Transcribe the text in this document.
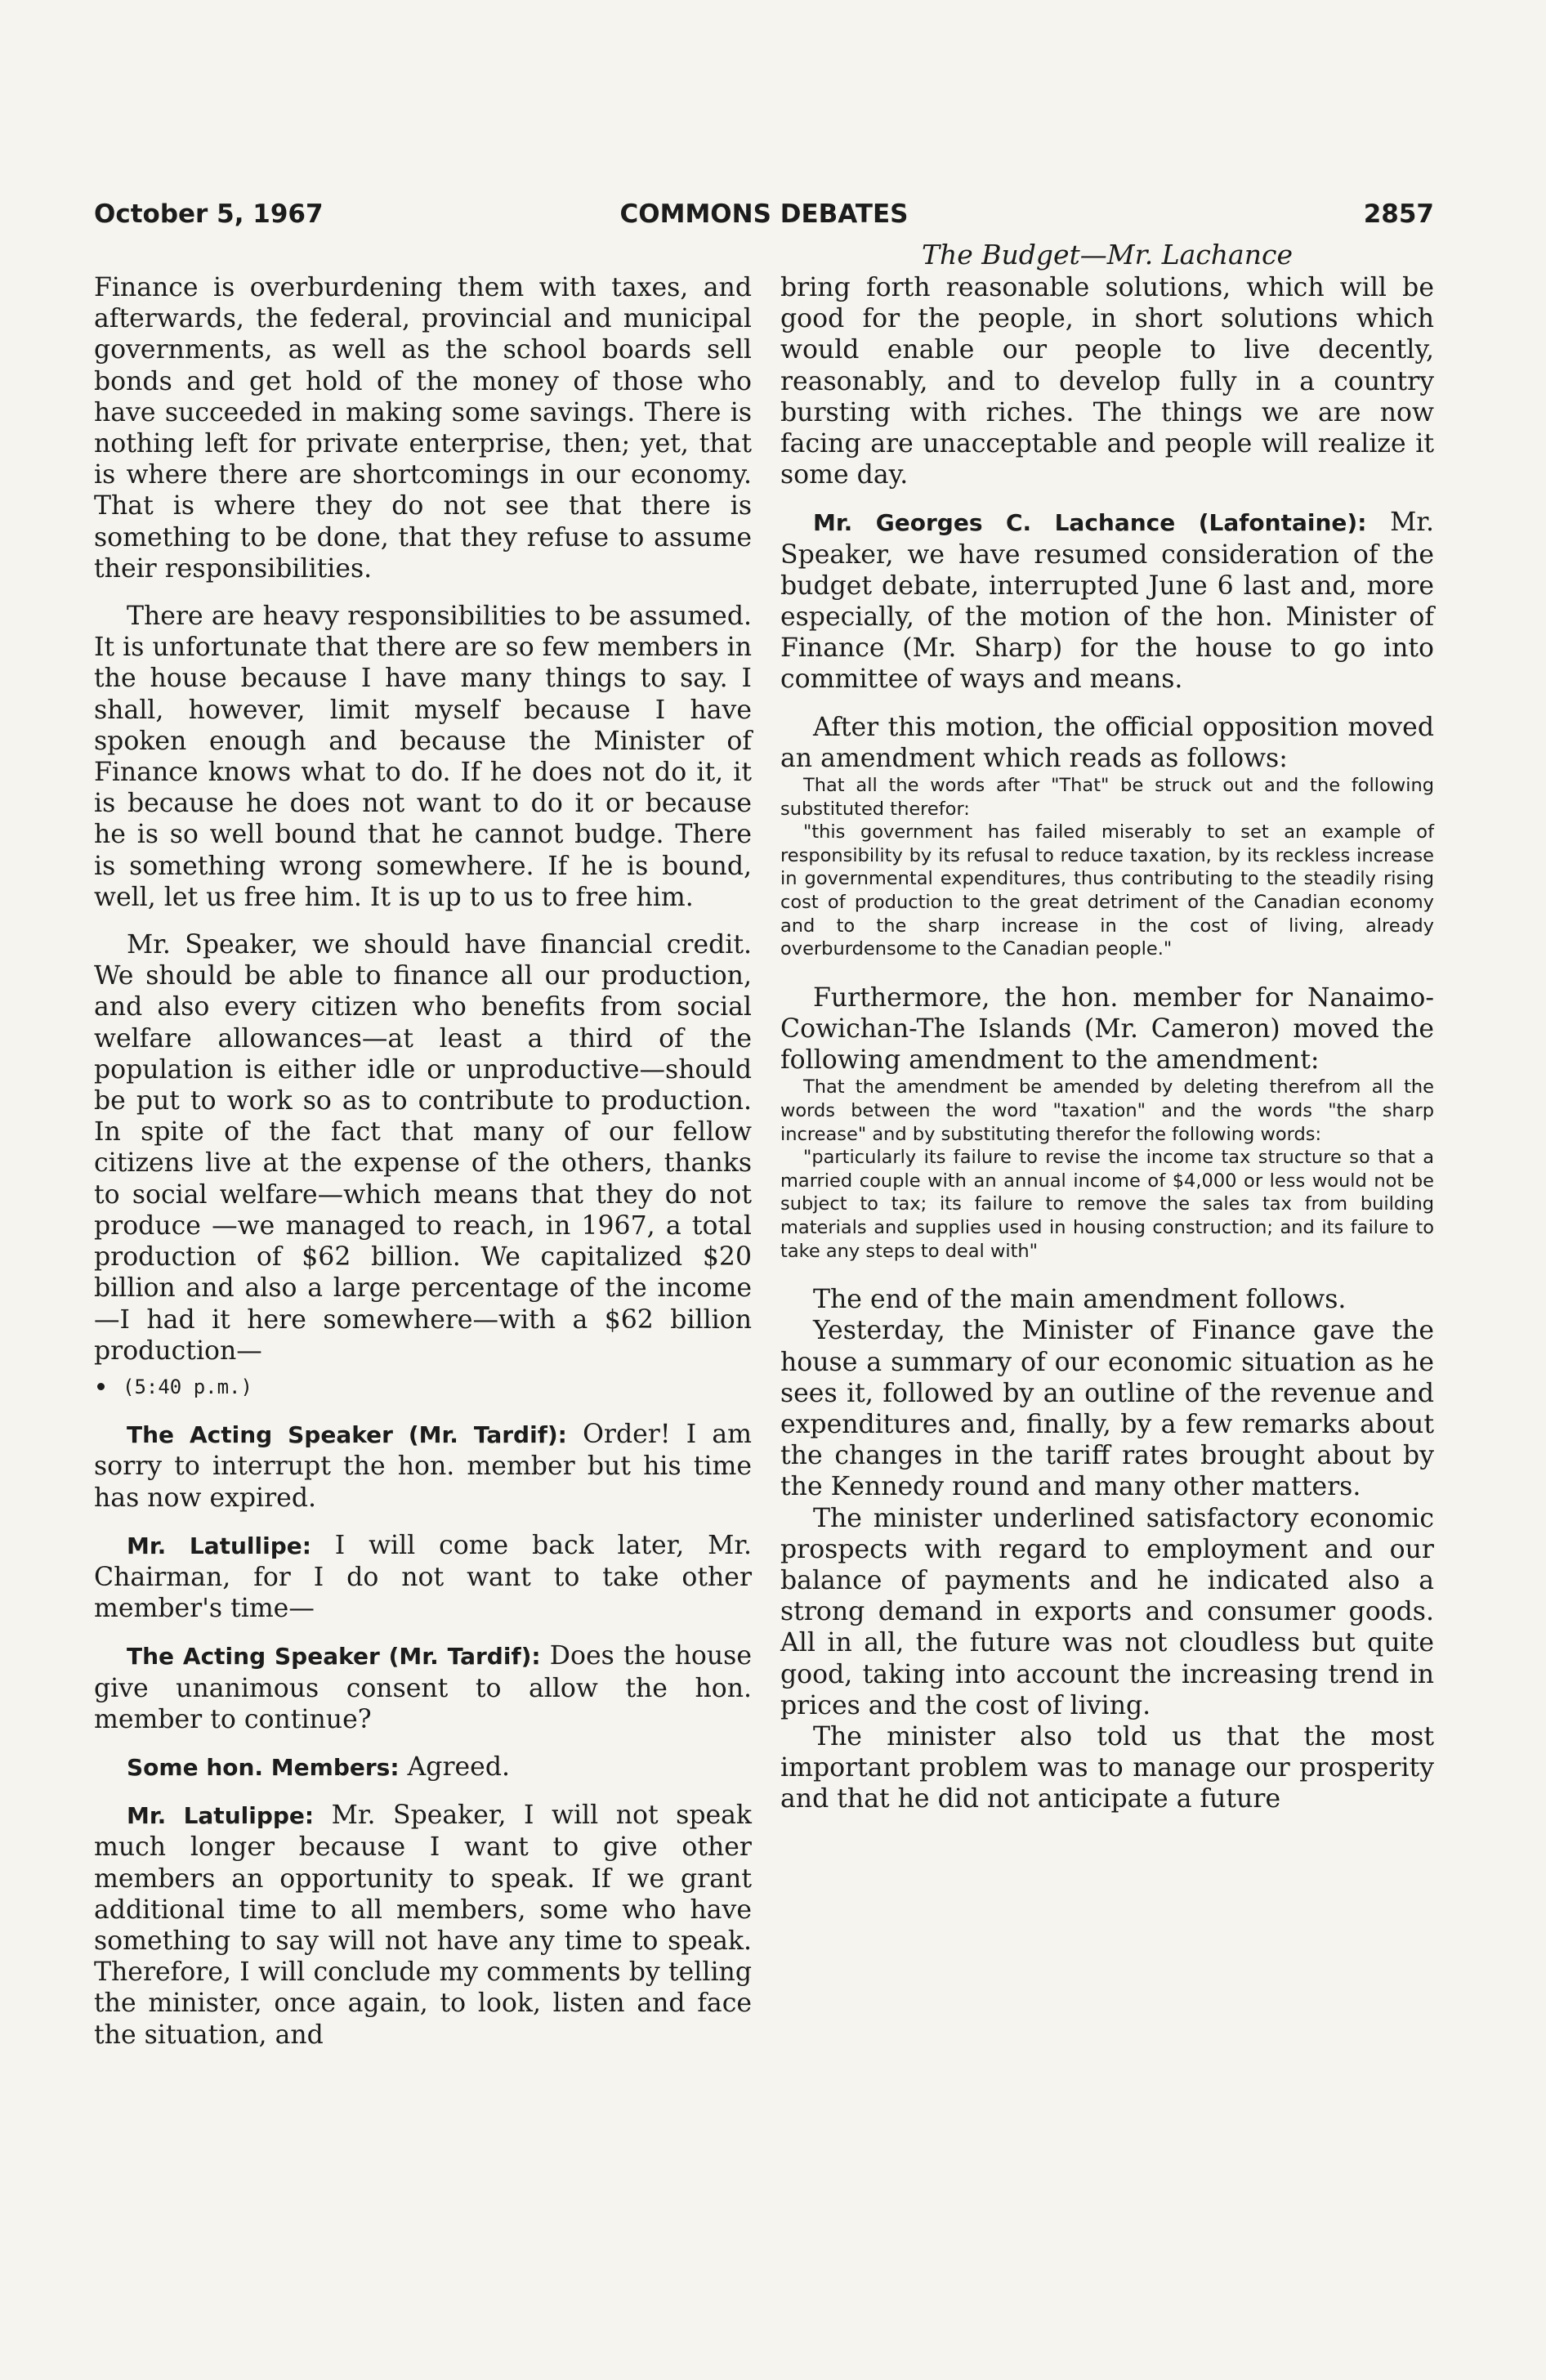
October 5, 1967	COMMONS DEBATES	2857
The Budget—Mr. Lachance

Finance is overburdening them with taxes, and afterwards, the federal, provincial and municipal governments, as well as the school boards sell bonds and get hold of the money of those who have succeeded in making some savings. There is nothing left for private enterprise, then; yet, that is where there are shortcomings in our economy. That is where they do not see that there is something to be done, that they refuse to assume their responsibilities.

There are heavy responsibilities to be assumed. It is unfortunate that there are so few members in the house because I have many things to say. I shall, however, limit myself because I have spoken enough and because the Minister of Finance knows what to do. If he does not do it, it is because he does not want to do it or because he is so well bound that he cannot budge. There is something wrong somewhere. If he is bound, well, let us free him. It is up to us to free him.

Mr. Speaker, we should have financial credit. We should be able to finance all our production, and also every citizen who benefits from social welfare allowances—at least a third of the population is either idle or unproductive—should be put to work so as to contribute to production. In spite of the fact that many of our fellow citizens live at the expense of the others, thanks to social welfare—which means that they do not produce —we managed to reach, in 1967, a total production of $62 billion. We capitalized $20 billion and also a large percentage of the income—I had it here somewhere—with a $62 billion production—

(5:40 p.m.)

The Acting Speaker (Mr. Tardif): Order! I am sorry to interrupt the hon. member but his time has now expired.

Mr. Latullipe: I will come back later, Mr. Chairman, for I do not want to take other member's time—

The Acting Speaker (Mr. Tardif): Does the house give unanimous consent to allow the hon. member to continue?

Some hon. Members: Agreed.

Mr. Latulippe: Mr. Speaker, I will not speak much longer because I want to give other members an opportunity to speak. If we grant additional time to all members, some who have something to say will not have any time to speak. Therefore, I will conclude my comments by telling the minister, once again, to look, listen and face the situation, and

bring forth reasonable solutions, which will be good for the people, in short solutions which would enable our people to live decently, reasonably, and to develop fully in a country bursting with riches. The things we are now facing are unacceptable and people will realize it some day.

Mr. Georges C. Lachance (Lafontaine): Mr. Speaker, we have resumed consideration of the budget debate, interrupted June 6 last and, more especially, of the motion of the hon. Minister of Finance (Mr. Sharp) for the house to go into committee of ways and means.

After this motion, the official opposition moved an amendment which reads as follows:

That all the words after "That" be struck out and the following substituted therefor:

"this government has failed miserably to set an example of responsibility by its refusal to reduce taxation, by its reckless increase in governmental expenditures, thus contributing to the steadily rising cost of production to the great detriment of the Canadian economy and to the sharp increase in the cost of living, already overburdensome to the Canadian people."

Furthermore, the hon. member for Nanaimo-Cowichan-The Islands (Mr. Cameron) moved the following amendment to the amendment:

That the amendment be amended by deleting therefrom all the words between the word "taxation" and the words "the sharp increase" and by substituting therefor the following words:

"particularly its failure to revise the income tax structure so that a married couple with an annual income of $4,000 or less would not be subject to tax; its failure to remove the sales tax from building materials and supplies used in housing construction; and its failure to take any steps to deal with"

The end of the main amendment follows.

Yesterday, the Minister of Finance gave the house a summary of our economic situation as he sees it, followed by an outline of the revenue and expenditures and, finally, by a few remarks about the changes in the tariff rates brought about by the Kennedy round and many other matters.

The minister underlined satisfactory economic prospects with regard to employment and our balance of payments and he indicated also a strong demand in exports and consumer goods. All in all, the future was not cloudless but quite good, taking into account the increasing trend in prices and the cost of living.

The minister also told us that the most important problem was to manage our prosperity and that he did not anticipate a future
